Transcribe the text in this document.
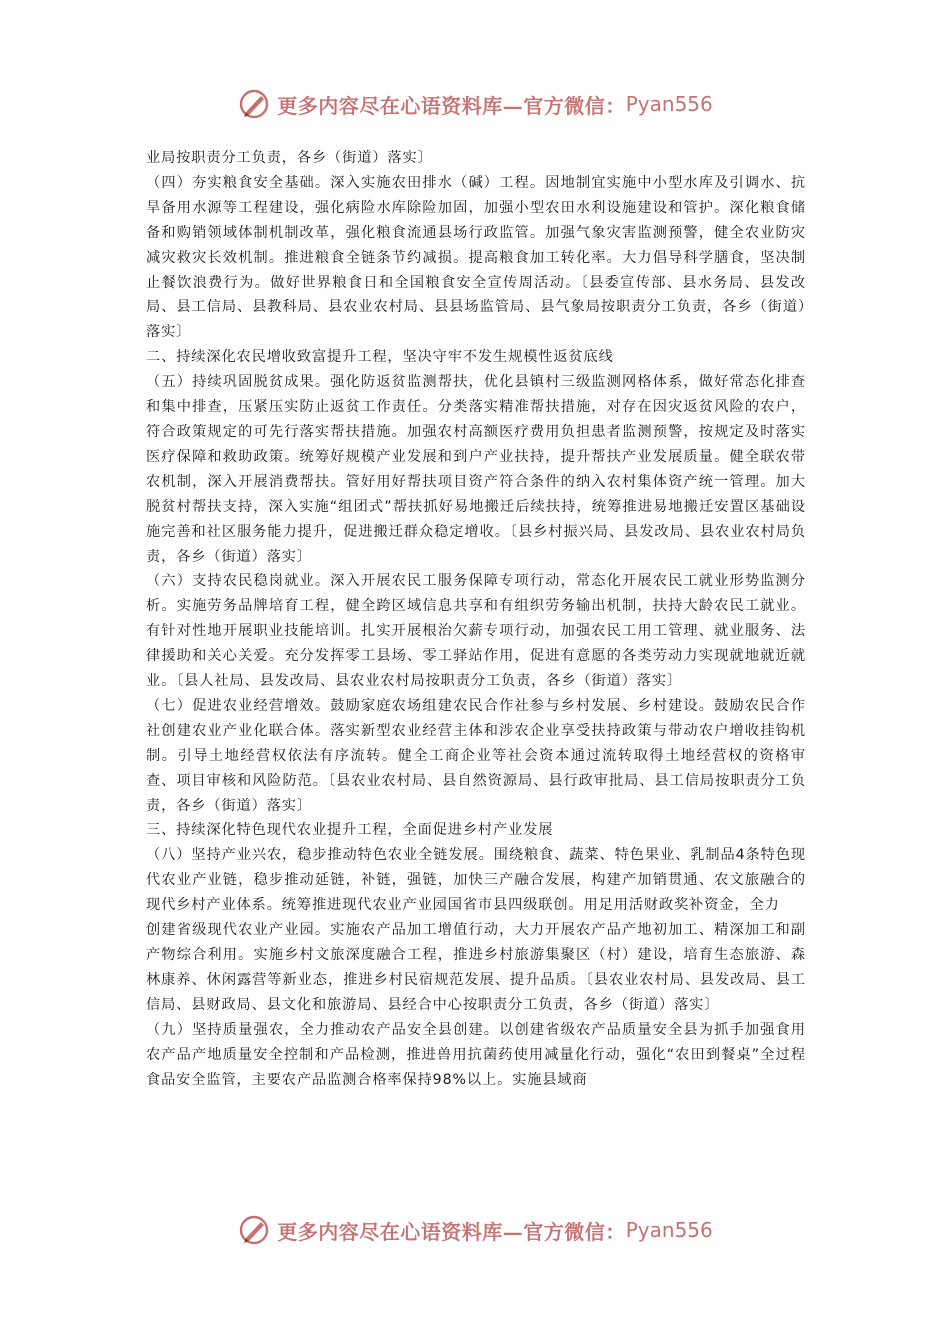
更多内容尽在心语资料库—官方微信： Pyan556

业局按职责分工负责，各乡（街道）落实〕

（四）夯实粮食安全基础。深入实施农田排水（碱）工程。因地制宜实施中小型水库及引调水、抗旱备用水源等工程建设，强化病险水库除险加固，加强小型农田水利设施建设和管护。深化粮食储备和购销领域体制机制改革，强化粮食流通县场行政监管。加强气象灾害监测预警，健全农业防灾减灾救灾长效机制。推进粮食全链条节约减损。提高粮食加工转化率。大力倡导科学膳食，坚决制止餐饮浪费行为。做好世界粮食日和全国粮食安全宣传周活动。〔县委宣传部、县水务局、县发改局、县工信局、县教科局、县农业农村局、县县场监管局、县气象局按职责分工负责，各乡（街道）落实〕

二、持续深化农民增收致富提升工程，坚决守牢不发生规模性返贫底线

（五）持续巩固脱贫成果。强化防返贫监测帮扶，优化县镇村三级监测网格体系，做好常态化排查和集中排查，压紧压实防止返贫工作责任。分类落实精准帮扶措施，对存在因灾返贫风险的农户，符合政策规定的可先行落实帮扶措施。加强农村高额医疗费用负担患者监测预警，按规定及时落实医疗保障和救助政策。统筹好规模产业发展和到户产业扶持，提升帮扶产业发展质量。健全联农带农机制，深入开展消费帮扶。管好用好帮扶项目资产符合条件的纳入农村集体资产统一管理。加大脱贫村帮扶支持，深入实施“组团式”帮扶抓好易地搬迁后续扶持，统筹推进易地搬迁安置区基础设施完善和社区服务能力提升，促进搬迁群众稳定增收。〔县乡村振兴局、县发改局、县农业农村局负责，各乡（街道）落实〕

（六）支持农民稳岗就业。深入开展农民工服务保障专项行动，常态化开展农民工就业形势监测分析。实施劳务品牌培育工程，健全跨区域信息共享和有组织劳务输出机制，扶持大龄农民工就业。有针对性地开展职业技能培训。扎实开展根治欠薪专项行动，加强农民工用工管理、就业服务、法律援助和关心关爱。充分发挥零工县场、零工驿站作用，促进有意愿的各类劳动力实现就地就近就业。〔县人社局、县发改局、县农业农村局按职责分工负责，各乡（街道）落实〕

（七）促进农业经营增效。鼓励家庭农场组建农民合作社参与乡村发展、乡村建设。鼓励农民合作社创建农业产业化联合体。落实新型农业经营主体和涉农企业享受扶持政策与带动农户增收挂钩机制。引导土地经营权依法有序流转。健全工商企业等社会资本通过流转取得土地经营权的资格审查、项目审核和风险防范。〔县农业农村局、县自然资源局、县行政审批局、县工信局按职责分工负责，各乡（街道）落实〕

三、持续深化特色现代农业提升工程，全面促进乡村产业发展

（八）坚持产业兴农，稳步推动特色农业全链发展。围绕粮食、蔬菜、特色果业、乳制品4条特色现代农业产业链，稳步推动延链，补链，强链，加快三产融合发展，构建产加销贯通、农文旅融合的现代乡村产业体系。统筹推进现代农业产业园国省市县四级联创。用足用活财政奖补资金，全力

创建省级现代农业产业园。实施农产品加工增值行动，大力开展农产品产地初加工、精深加工和副产物综合利用。实施乡村文旅深度融合工程，推进乡村旅游集聚区（村）建设，培育生态旅游、森林康养、休闲露营等新业态，推进乡村民宿规范发展、提升品质。〔县农业农村局、县发改局、县工信局、县财政局、县文化和旅游局、县经合中心按职责分工负责，各乡（街道）落实〕

（九）坚持质量强农，全力推动农产品安全县创建。以创建省级农产品质量安全县为抓手加强食用农产品产地质量安全控制和产品检测，推进兽用抗菌药使用减量化行动，强化“农田到餐桌”全过程食品安全监管，主要农产品监测合格率保持98%以上。实施县域商

更多内容尽在心语资料库—官方微信： Pyan556
